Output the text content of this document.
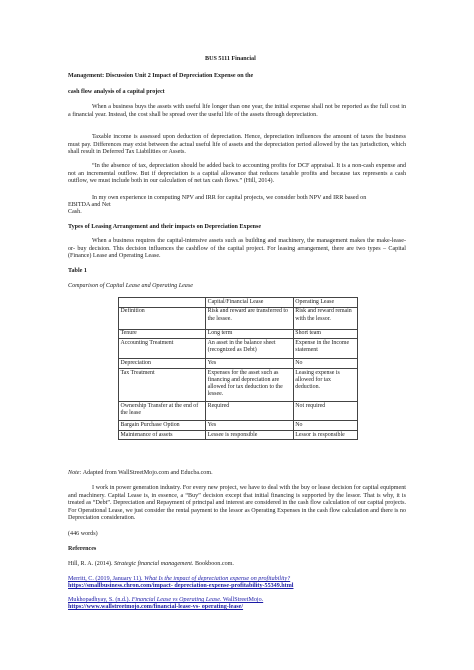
BUS 5111 Financial
Management: Discussion Unit 2 Impact of Depreciation Expense on the
cash flow analysis of a capital project
When a business buys the assets with useful life longer than one year, the initial expense shall not be reported as the full cost in a financial year. Instead, the cost shall be spread over the useful life of the assets through depreciation.
Taxable income is assessed upon deduction of depreciation. Hence, depreciation influences the amount of taxes the business must pay. Differences may exist between the actual useful life of assets and the depreciation period allowed by the tax jurisdiction, which shall result in Deferred Tax Liabilities or Assets.
“In the absence of tax, depreciation should be added back to accounting profits for DCF appraisal. It is a non-cash expense and not an incremental outflow. But if depreciation is a capital allowance that reduces taxable profits and because tax represents a cash outflow, we must include both in our calculation of net tax cash flows.” (Hill, 2014).
In my own experience in computing NPV and IRR for capital projects, we consider both NPV and IRR based on
EBITDA and Net
Cash.
Types of Leasing Arrangement and their impacts on Depreciation Expense
When a business requires the capital-intensive assets such as building and machinery, the management makes the make-lease-or- buy decision. This decision influences the cashflow of the capital project. For leasing arrangement, there are two types – Capital (Finance) Lease and Operating Lease.
Table 1
Comparison of Capital Lease and Operating Lease
	Capital/Financial Lease	Operating Lease
Definition	Risk and reward are transferred to the lessee.	Risk and reward remain with the lessor.
Tenure	Long term	Short team
Accounting Treatment	An asset in the balance sheet (recognized as Debt)	Expense in the Income statement
Depreciation	Yes	No
Tax Treatment	Expenses for the asset such as financing and depreciation are allowed for tax deduction to the lessee.	Leasing expense is allowed for tax deduction.
Ownership Transfer at the end of the lease	Required	Not required
Bargain Purchase Option	Yes	No
Maintenance of assets	Lessee is responsible	Lessor is responsible
Note: Adapted from WallStreetMojo.com and Educba.com.
I work in power generation industry. For every new project, we have to deal with the buy or lease decision for capital equipment and machinery. Capital Lease is, in essence, a “Buy” decision except that initial financing is supported by the lessor. That is why, it is treated as “Debt”. Depreciation and Repayment of principal and interest are considered in the cash flow calculation of our capital projects. For Operational Lease, we just consider the rental payment to the lessor as Operating Expenses in the cash flow calculation and there is no Depreciation consideration.
(446 words)
References
Hill, R. A. (2014). Strategic financial management. Bookboon.com.
Merritt, C. (2019, January 11). What Is the impact of depreciation expense on profitability?
https://smallbusiness.chron.com/impact- depreciation-expense-profitability-55349.html
Mukhopadhyay, S. (n.d.). Financial Lease vs Operating Lease. WallStreetMojo.
https://www.wallstreetmojo.com/financial-lease-vs- operating-lease/
